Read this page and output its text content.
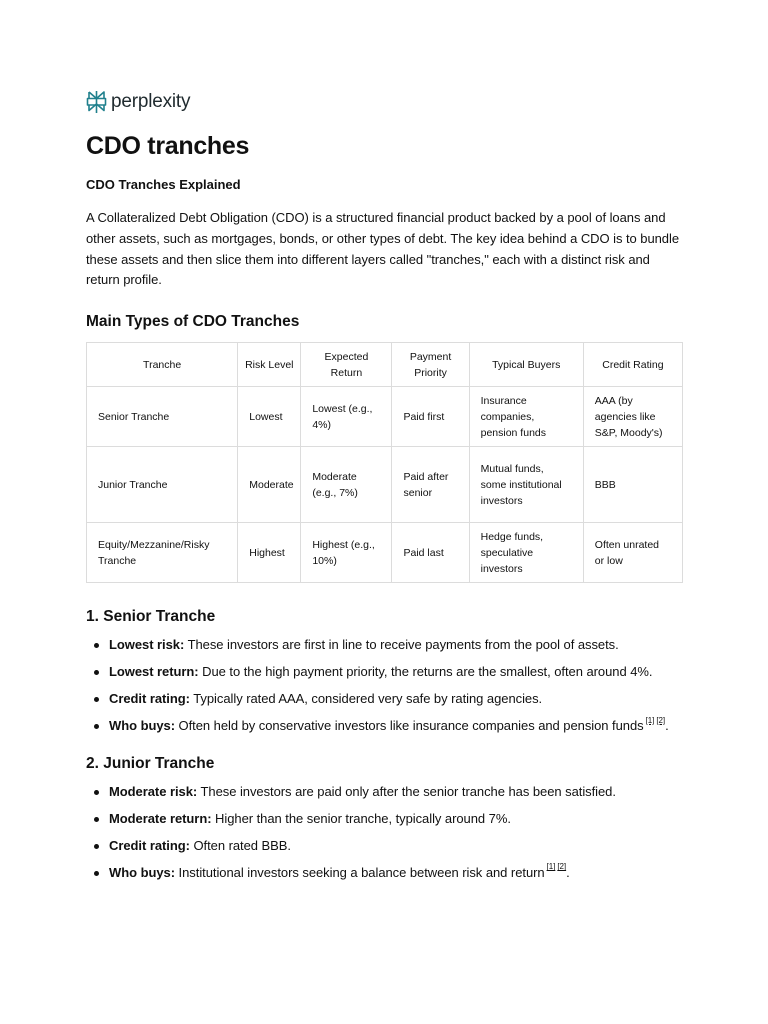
perplexity
CDO tranches
CDO Tranches Explained

A Collateralized Debt Obligation (CDO) is a structured financial product backed by a pool of loans and other assets, such as mortgages, bonds, or other types of debt. The key idea behind a CDO is to bundle these assets and then slice them into different layers called "tranches," each with a distinct risk and return profile.

Main Types of CDO Tranches
Tranche	Risk Level	Expected Return	Payment Priority	Typical Buyers	Credit Rating
Senior Tranche	Lowest	Lowest (e.g., 4%)	Paid first	Insurance companies, pension funds	AAA (by agencies like S&P, Moody's)
Junior Tranche	Moderate	Moderate (e.g., 7%)	Paid after senior	Mutual funds, some institutional investors	BBB
Equity/Mezzanine/Risky Tranche	Highest	Highest (e.g., 10%)	Paid last	Hedge funds, speculative investors	Often unrated or low
1. Senior Tranche
Lowest risk: These investors are first in line to receive payments from the pool of assets.
Lowest return: Due to the high payment priority, the returns are the smallest, often around 4%.
Credit rating: Typically rated AAA, considered very safe by rating agencies.
Who buys: Often held by conservative investors like insurance companies and pension funds [1] [2].
2. Junior Tranche
Moderate risk: These investors are paid only after the senior tranche has been satisfied.
Moderate return: Higher than the senior tranche, typically around 7%.
Credit rating: Often rated BBB.
Who buys: Institutional investors seeking a balance between risk and return [1] [2].
